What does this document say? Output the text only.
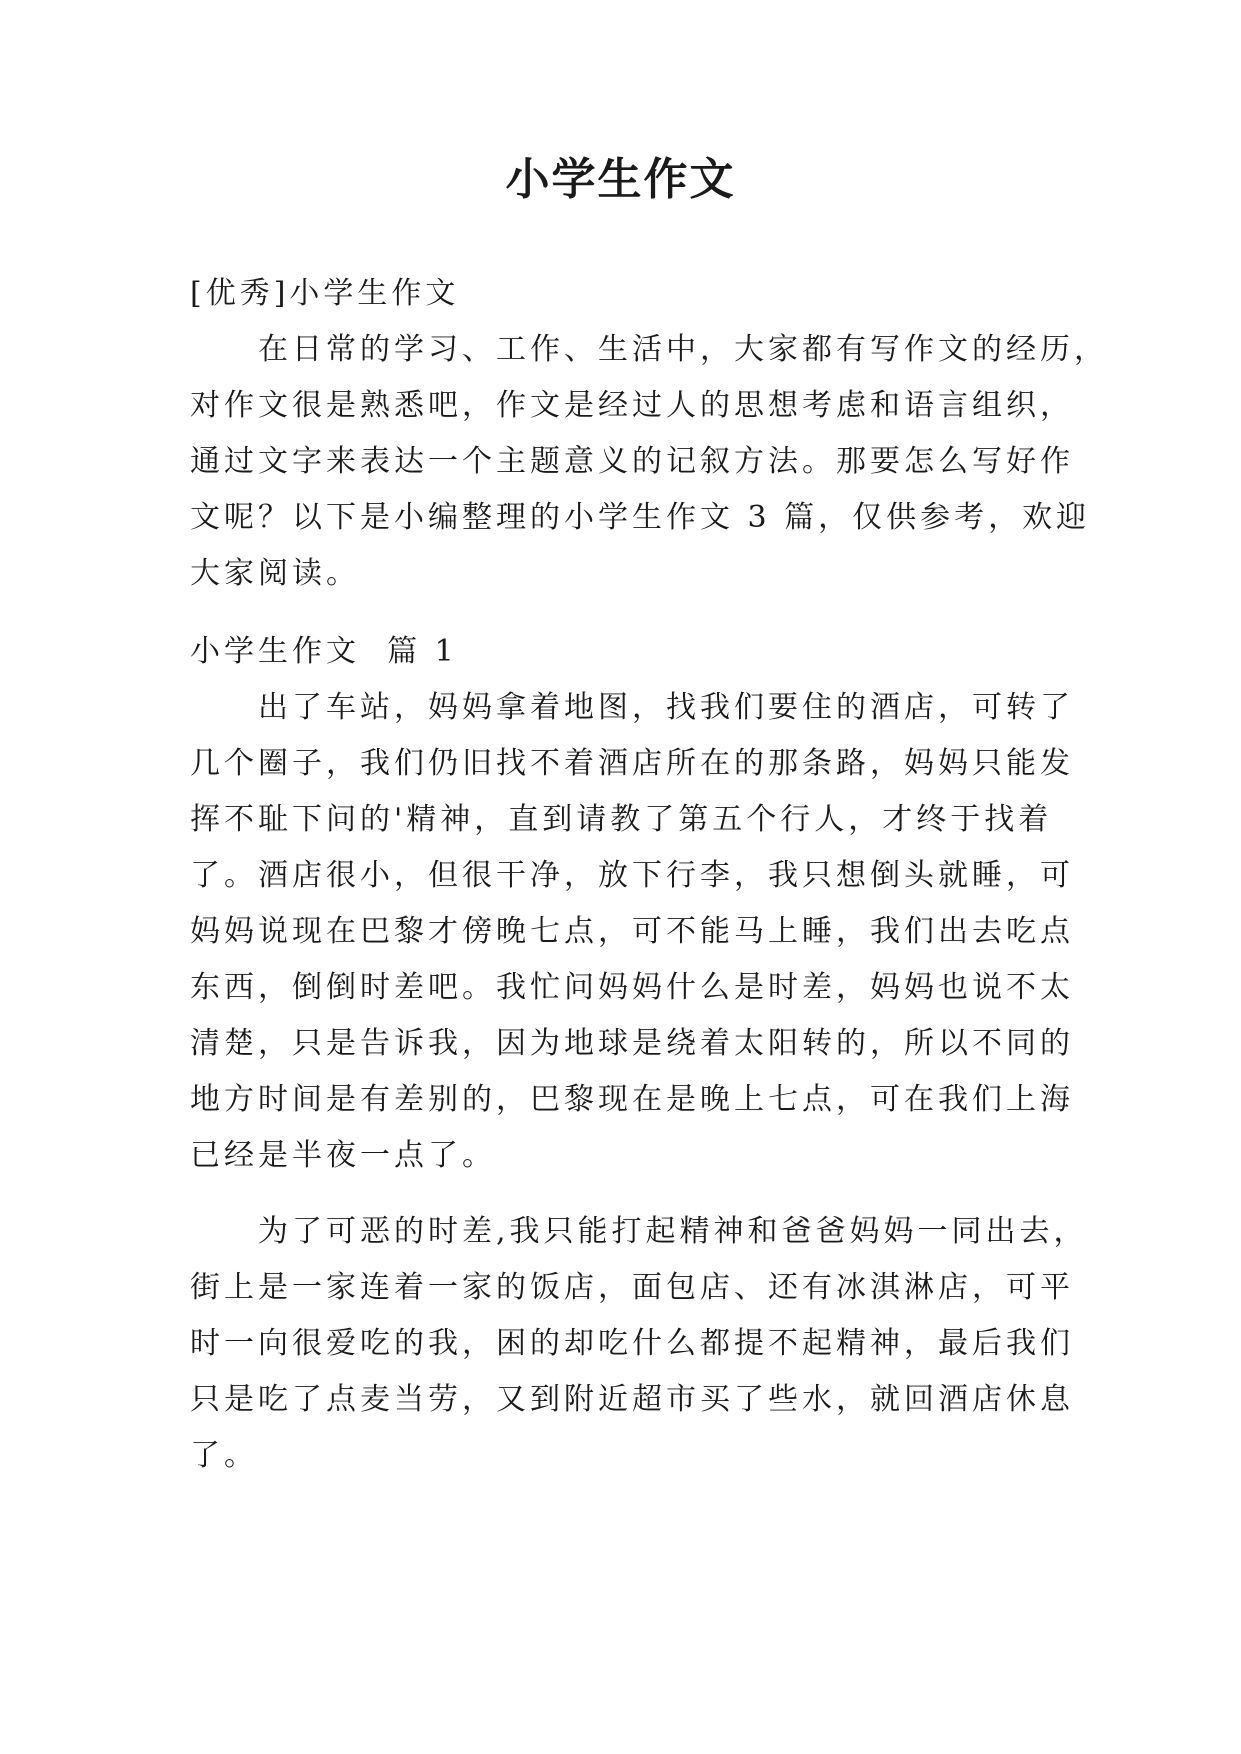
小学生作文
[优秀]小学生作文
在日常的学习、工作、生活中，大家都有写作文的经历，
对作文很是熟悉吧，作文是经过人的思想考虑和语言组织，
通过文字来表达一个主题意义的记叙方法。那要怎么写好作
文呢？以下是小编整理的小学生作文 3 篇，仅供参考，欢迎
大家阅读。
小学生作文  篇 1
出了车站，妈妈拿着地图，找我们要住的酒店，可转了
几个圈子，我们仍旧找不着酒店所在的那条路，妈妈只能发
挥不耻下问的'精神，直到请教了第五个行人，才终于找着
了。酒店很小，但很干净，放下行李，我只想倒头就睡，可
妈妈说现在巴黎才傍晚七点，可不能马上睡，我们出去吃点
东西，倒倒时差吧。我忙问妈妈什么是时差，妈妈也说不太
清楚，只是告诉我，因为地球是绕着太阳转的，所以不同的
地方时间是有差别的，巴黎现在是晚上七点，可在我们上海
已经是半夜一点了。
为了可恶的时差,我只能打起精神和爸爸妈妈一同出去，
街上是一家连着一家的饭店，面包店、还有冰淇淋店，可平
时一向很爱吃的我，困的却吃什么都提不起精神，最后我们
只是吃了点麦当劳，又到附近超市买了些水，就回酒店休息
了。
